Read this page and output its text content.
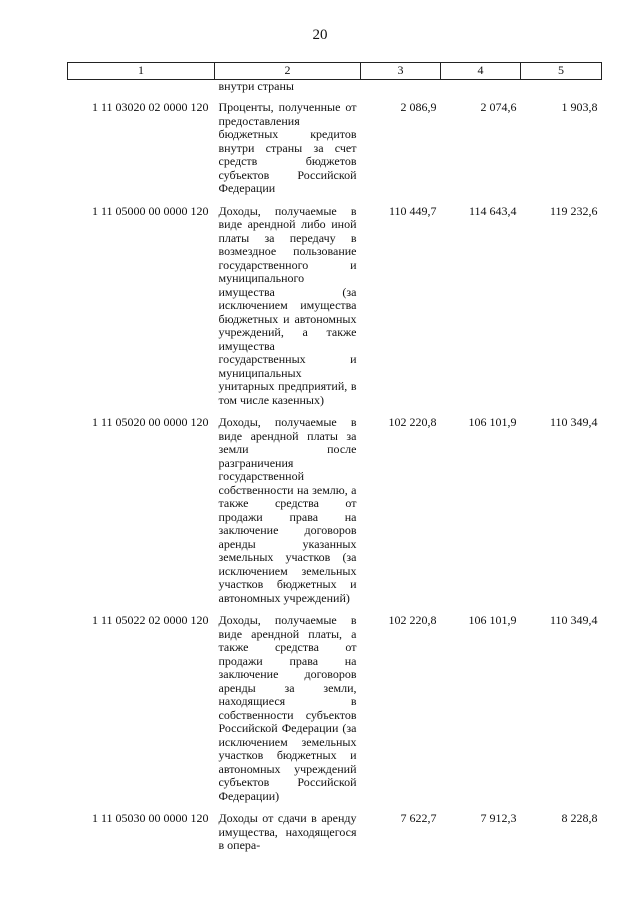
20
1	2	3	4	5
	внутри страны			
1 11 03020 02 0000 120	Проценты, полученные от предоставления бюджетных кредитов внутри страны за счет средств бюджетов субъектов Российской Федерации	2 086,9	2 074,6	1 903,8
1 11 05000 00 0000 120	Доходы, получаемые в виде арендной либо иной платы за передачу в возмездное пользование государственного и муниципального имущества (за исключением имущества бюджетных и автономных учреждений, а также имущества государственных и муниципальных унитарных предприятий, в том числе казенных)	110 449,7	114 643,4	119 232,6
1 11 05020 00 0000 120	Доходы, получаемые в виде арендной платы за земли после разграничения государственной собственности на землю, а также средства от продажи права на заключение договоров аренды указанных земельных участков (за исключением земельных участков бюджетных и автономных учреждений)	102 220,8	106 101,9	110 349,4
1 11 05022 02 0000 120	Доходы, получаемые в виде арендной платы, а также средства от продажи права на заключение договоров аренды за земли, находящиеся в собственности субъектов Российской Федерации (за исключением земельных участков бюджетных и автономных учреждений субъектов Российской Федерации)	102 220,8	106 101,9	110 349,4
1 11 05030 00 0000 120	Доходы от сдачи в аренду имущества, находящегося в опера-	7 622,7	7 912,3	8 228,8
